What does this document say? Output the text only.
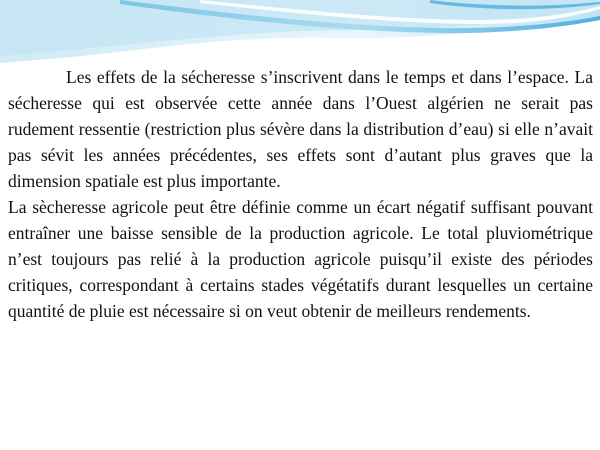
Les effets de la sécheresse s’inscrivent dans le temps et dans l’espace. La sécheresse qui est observée cette année dans l’Ouest algérien ne serait pas rudement ressentie (restriction plus sévère dans la distribution d’eau) si elle n’avait pas sévit les années précédentes, ses effets sont d’autant plus graves que la dimension spatiale est plus importante.

La sècheresse agricole peut être définie comme un écart négatif suffisant pouvant entraîner une baisse sensible de la production agricole. Le total pluviométrique n’est toujours pas relié à la production agricole puisqu’il existe des périodes critiques, correspondant à certains stades végétatifs durant lesquelles un certaine quantité de pluie est nécessaire si on veut obtenir de meilleurs rendements.
